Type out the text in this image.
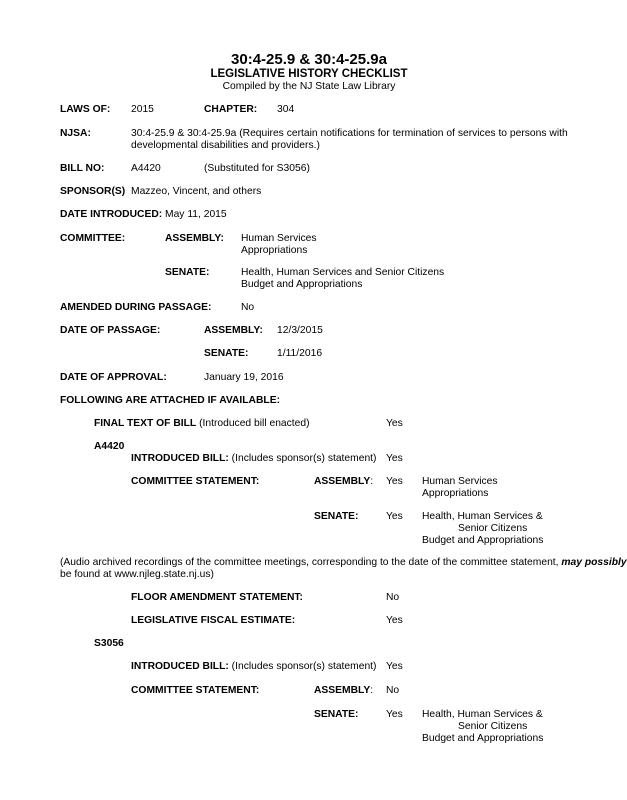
30:4-25.9 & 30:4-25.9a
LEGISLATIVE HISTORY CHECKLIST
Compiled by the NJ State Law Library
LAWS OF: 2015	CHAPTER: 304
NJSA:	30:4-25.9 & 30:4-25.9a (Requires certain notifications for termination of services to persons with
developmental disabilities and providers.)
BILL NO:	A4420	(Substituted for S3056)
SPONSOR(S) Mazzeo, Vincent, and others
DATE INTRODUCED: May 11, 2015
COMMITTEE:	ASSEMBLY: Human Services
Appropriations
SENATE:	Health, Human Services and Senior Citizens
Budget and Appropriations
AMENDED DURING PASSAGE:	No
DATE OF PASSAGE:	ASSEMBLY: 12/3/2015
SENATE:	1/11/2016
DATE OF APPROVAL:	January 19, 2016
FOLLOWING ARE ATTACHED IF AVAILABLE:
FINAL TEXT OF BILL (Introduced bill enacted)	Yes
A4420
INTRODUCED BILL: (Includes sponsor(s) statement) Yes
COMMITTEE STATEMENT:	ASSEMBLY: Yes Human Services
Appropriations
SENATE:	Yes Health, Human Services &
Senior Citizens
Budget and Appropriations
(Audio archived recordings of the committee meetings, corresponding to the date of the committee statement, may possibly
be found at www.njleg.state.nj.us)
FLOOR AMENDMENT STATEMENT:	No
LEGISLATIVE FISCAL ESTIMATE:	Yes
S3056
INTRODUCED BILL: (Includes sponsor(s) statement) Yes
COMMITTEE STATEMENT:	ASSEMBLY: No
SENATE:	Yes Health, Human Services &
Senior Citizens
Budget and Appropriations
